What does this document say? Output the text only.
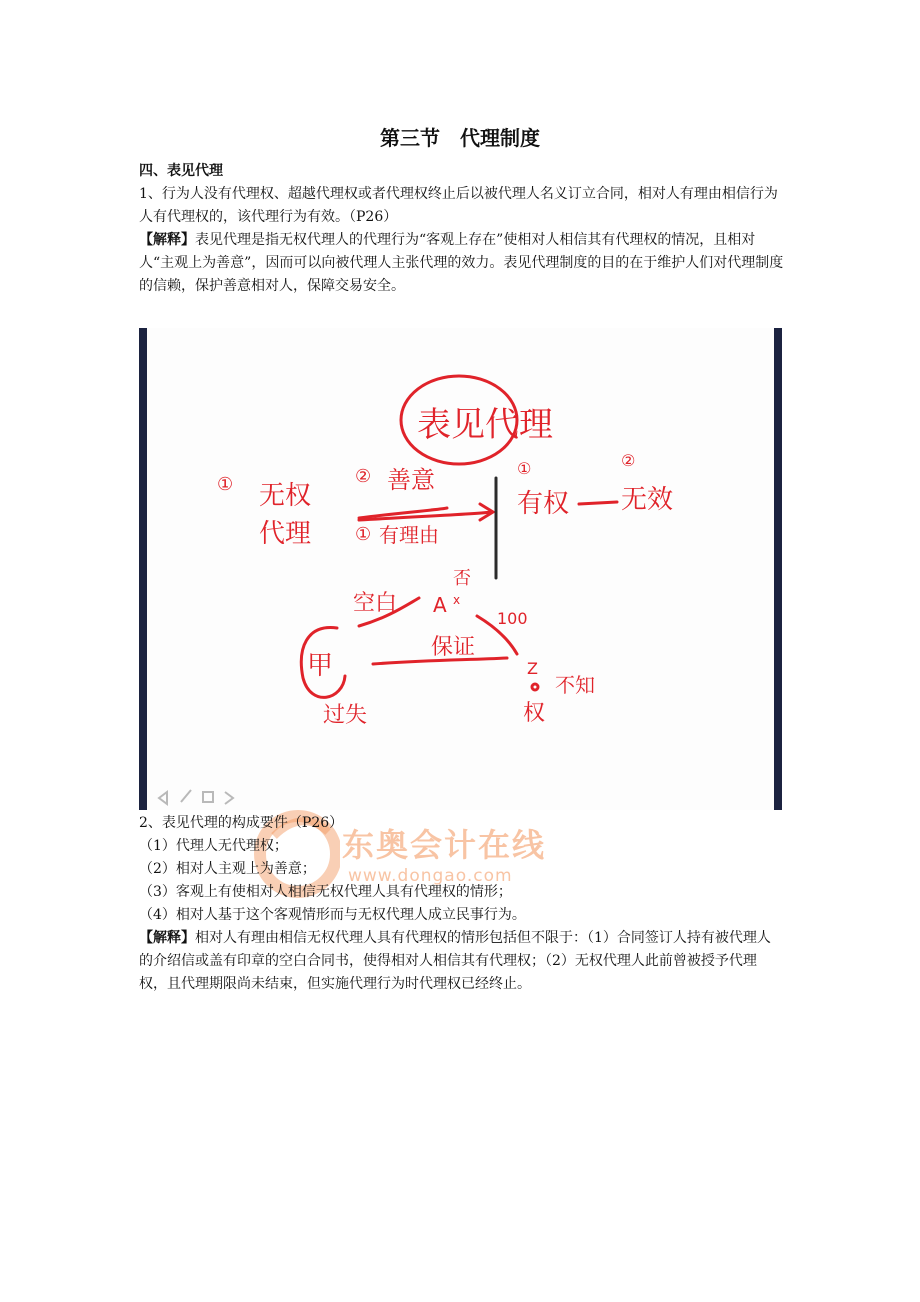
第三节　代理制度
四、表见代理

1、行为人没有代理权、超越代理权或者代理权终止后以被代理人名义订立合同，相对人有理由相信行为人有代理权的，该代理行为有效。（P26）

【解释】表见代理是指无权代理人的代理行为“客观上存在”使相对人相信其有代理权的情况，且相对人“主观上为善意”，因而可以向被代理人主张代理的效力。表见代理制度的目的在于维护人们对代理制度的信赖，保护善意相对人，保障交易安全。

表见代理
① 无权
代理
② 善意
① 有理由
①
有权
②
无效
空白 A x
否
100
保证
甲
过失
Z
不知
权
东奥会计在线
www.dongao.com

2、表见代理的构成要件（P26）

（1）代理人无代理权；

（2）相对人主观上为善意；

（3）客观上有使相对人相信无权代理人具有代理权的情形；

（4）相对人基于这个客观情形而与无权代理人成立民事行为。

【解释】相对人有理由相信无权代理人具有代理权的情形包括但不限于：（1）合同签订人持有被代理人的介绍信或盖有印章的空白合同书，使得相对人相信其有代理权；（2）无权代理人此前曾被授予代理权，且代理期限尚未结束，但实施代理行为时代理权已经终止。
